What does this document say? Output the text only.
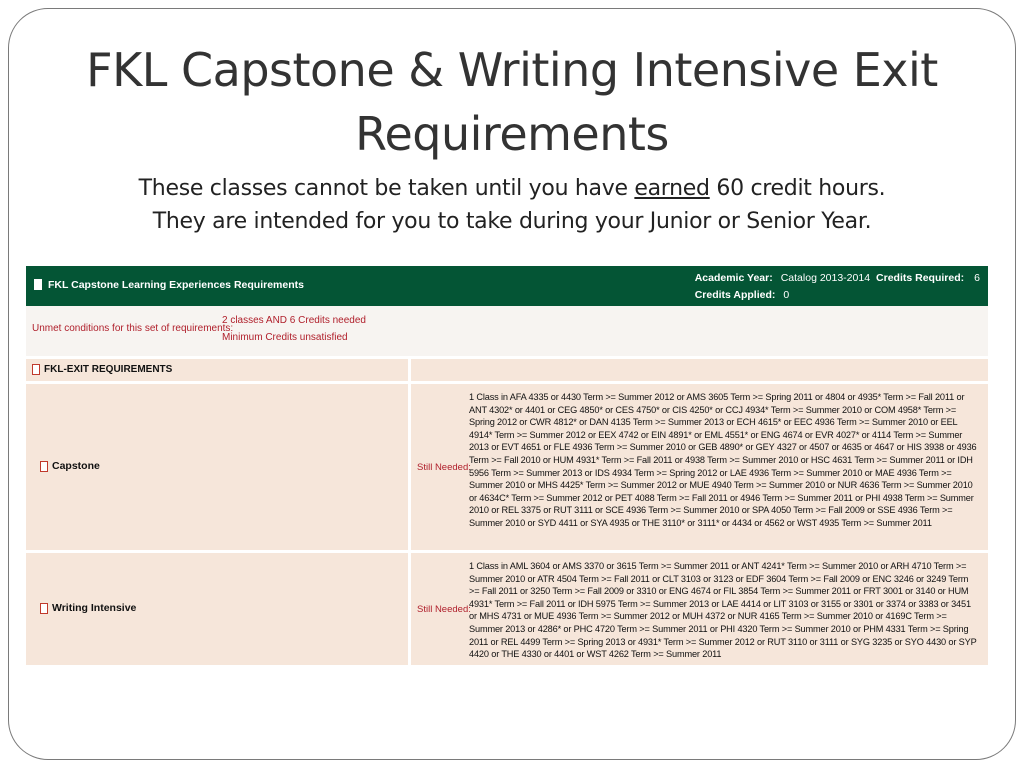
FKL Capstone & Writing Intensive Exit Requirements
These classes cannot be taken until you have earned 60 credit hours.
They are intended for you to take during your Junior or Senior Year.
FKL Capstone Learning Experiences Requirements
Academic Year: Catalog 2013-2014 Credits Required: 6
Credits Applied: 0
Unmet conditions for this set of requirements:
2 classes AND 6 Credits needed
Minimum Credits unsatisfied
FKL-EXIT REQUIREMENTS
Capstone	Still Needed:
1 Class in AFA 4335 or 4430 Term >= Summer 2012 or AMS 3605 Term >= Spring 2011 or 4804 or 4935* Term >= Fall 2011 or ANT 4302* or 4401 or CEG 4850* or CES 4750* or CIS 4250* or CCJ 4934* Term >= Summer 2010 or COM 4958* Term >= Spring 2012 or CWR 4812* or DAN 4135 Term >= Summer 2013 or ECH 4615* or EEC 4936 Term >= Summer 2010 or EEL 4914* Term >= Summer 2012 or EEX 4742 or EIN 4891* or EML 4551* or ENG 4674 or EVR 4027* or 4114 Term >= Summer 2013 or EVT 4651 or FLE 4936 Term >= Summer 2010 or GEB 4890* or GEY 4327 or 4507 or 4635 or 4647 or HIS 3938 or 4936 Term >= Fall 2010 or HUM 4931* Term >= Fall 2011 or 4938 Term >= Summer 2010 or HSC 4631 Term >= Summer 2011 or IDH 5956 Term >= Summer 2013 or IDS 4934 Term >= Spring 2012 or LAE 4936 Term >= Summer 2010 or MAE 4936 Term >= Summer 2010 or MHS 4425* Term >= Summer 2012 or MUE 4940 Term >= Summer 2010 or NUR 4636 Term >= Summer 2010 or 4634C* Term >= Summer 2012 or PET 4088 Term >= Fall 2011 or 4946 Term >= Summer 2011 or PHI 4938 Term >= Summer 2010 or REL 3375 or RUT 3111 or SCE 4936 Term >= Summer 2010 or SPA 4050 Term >= Fall 2009 or SSE 4936 Term >= Summer 2010 or SYD 4411 or SYA 4935 or THE 3110* or 3111* or 4434 or 4562 or WST 4935 Term >= Summer 2011
Writing Intensive	Still Needed:
1 Class in AML 3604 or AMS 3370 or 3615 Term >= Summer 2011 or ANT 4241* Term >= Summer 2010 or ARH 4710 Term >= Summer 2010 or ATR 4504 Term >= Fall 2011 or CLT 3103 or 3123 or EDF 3604 Term >= Fall 2009 or ENC 3246 or 3249 Term >= Fall 2011 or 3250 Term >= Fall 2009 or 3310 or ENG 4674 or FIL 3854 Term >= Summer 2011 or FRT 3001 or 3140 or HUM 4931* Term >= Fall 2011 or IDH 5975 Term >= Summer 2013 or LAE 4414 or LIT 3103 or 3155 or 3301 or 3374 or 3383 or 3451 or MHS 4731 or MUE 4936 Term >= Summer 2012 or MUH 4372 or NUR 4165 Term >= Summer 2010 or 4169C Term >= Summer 2013 or 4286* or PHC 4720 Term >= Summer 2011 or PHI 4320 Term >= Summer 2010 or PHM 4331 Term >= Spring 2011 or REL 4499 Term >= Spring 2013 or 4931* Term >= Summer 2012 or RUT 3110 or 3111 or SYG 3235 or SYO 4430 or SYP 4420 or THE 4330 or 4401 or WST 4262 Term >= Summer 2011
